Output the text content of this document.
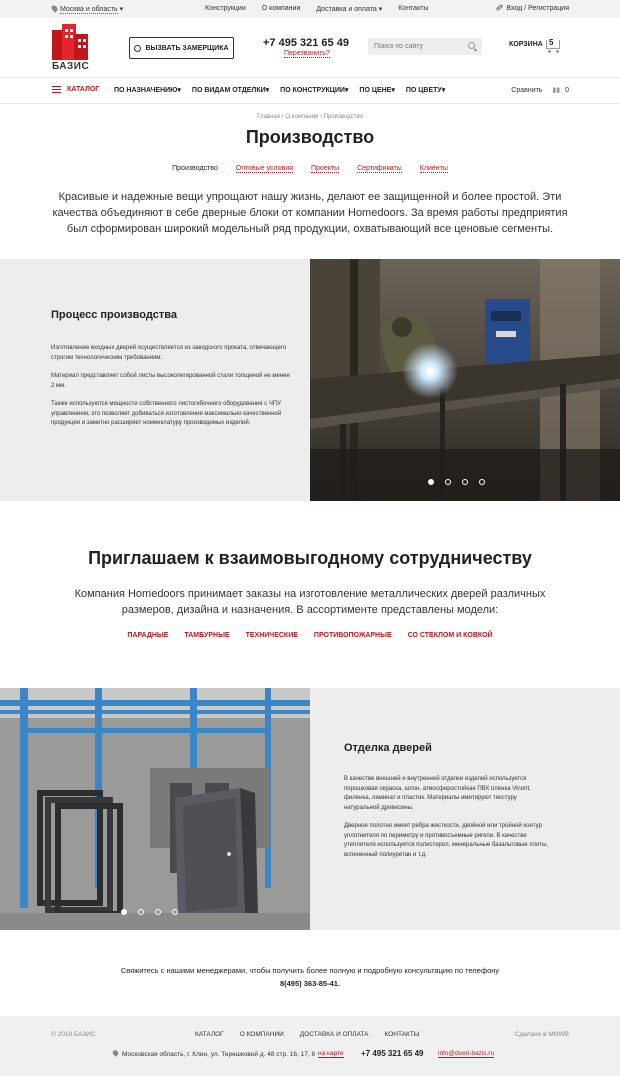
Москва и область ▾	Конструкции О компании Доставка и оплата ▾ Контакты	Вход / Регистрация
БАЗИС
ВЫЗВАТЬ ЗАМЕРЩИКА	+7 495 321 65 49
Перезвонить?
Поиск по сайту
КОРЗИНА 5
КАТАЛОГ ПО НАЗНАЧЕНИЮ▾ ПО ВИДАМ ОТДЕЛКИ▾ ПО КОНСТРУКЦИИ▾ ПО ЦЕНЕ▾ ПО ЦВЕТУ▾	Сравнить ▮▮ 0
Главная › О компании › Производство
Производство
Производство	Оптовые условия	Проекты	Сертификаты	Клиенты

Красивые и надежные вещи упрощают нашу жизнь, делают ее защищенной и более простой. Эти качества объединяют в себе дверные блоки от компании Homedoors. За время работы предприятия был сформирован широкий модельный ряд продукции, охватывающий все ценовые сегменты.

Процесс производства

Изготовление входных дверей осуществляется из заводского проката, отвечающего строгим технологическим требованиям.

Материал представляет собой листы высоколегированной стали толщиной не менее 2 мм.

Также используются мощности собственного листогибочного оборудования с ЧПУ управлением, это позволяет добиваться изготовления максимально качественной продукции и заметно расширяет номенклатуру производимых изделий.

Приглашаем к взаимовыгодному сотрудничеству

Компания Homedoors принимает заказы на изготовление металлических дверей различных размеров, дизайна и назначения. В ассортименте представлены модели:

ПАРАДНЫЕ ТАМБУРНЫЕ ТЕХНИЧЕСКИЕ ПРОТИВОПОЖАРНЫЕ СО СТЕКЛОМ И КОВКОЙ
Отделка дверей

В качестве внешней и внутренней отделки изделий используется порошковая окраска, шпон, атмосферостойкая ПВХ пленка Vinorit, филенка, ламинат и пластик. Материалы имитируют текстуру натуральной древесины.

Дверное полотно имеет ребра жесткости, двойной или тройной контур уплотнителя по периметру и противосъемные ригели. В качестве утеплителя используется полистирол, минеральные базальтовые плиты, вспененный полиуретан и т.д.

Свяжитесь с нашими менеджерами, чтобы получить более полную и подробную консультацию по телефону
8(495) 363-85-41.
© 2019 БАЗИС	КАТАЛОГ О КОМПАНИИ ДОСТАВКА И ОПЛАТА КОНТАКТЫ	Сделано в MNWB
Московская область, г. Клин, ул. Терешковой д. 48 стр. 16, 17, 8 на карте +7 495 321 65 49 info@dveri-bazis.ru
